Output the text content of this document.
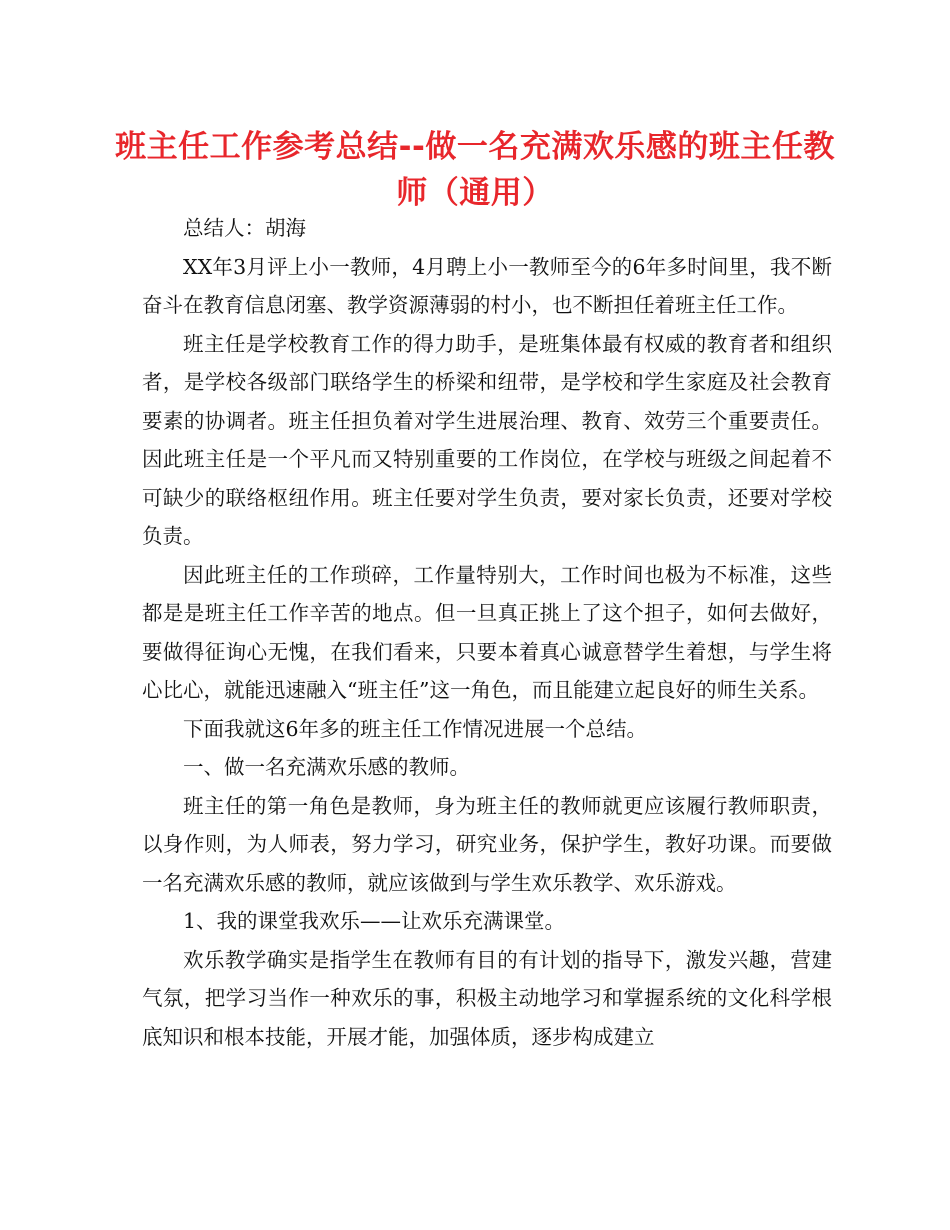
班主任工作参考总结--做一名充满欢乐感的班主任教师（通用）

总结人：胡海

XX年3月评上小一教师，4月聘上小一教师至今的6年多时间里，我不断奋斗在教育信息闭塞、教学资源薄弱的村小，也不断担任着班主任工作。

班主任是学校教育工作的得力助手，是班集体最有权威的教育者和组织者，是学校各级部门联络学生的桥梁和纽带，是学校和学生家庭及社会教育要素的协调者。班主任担负着对学生进展治理、教育、效劳三个重要责任。因此班主任是一个平凡而又特别重要的工作岗位，在学校与班级之间起着不可缺少的联络枢纽作用。班主任要对学生负责，要对家长负责，还要对学校负责。

因此班主任的工作琐碎，工作量特别大，工作时间也极为不标准，这些都是是班主任工作辛苦的地点。但一旦真正挑上了这个担子，如何去做好，要做得征询心无愧，在我们看来，只要本着真心诚意替学生着想，与学生将心比心，就能迅速融入“班主任”这一角色，而且能建立起良好的师生关系。

下面我就这6年多的班主任工作情况进展一个总结。

一、做一名充满欢乐感的教师。

班主任的第一角色是教师，身为班主任的教师就更应该履行教师职责，以身作则，为人师表，努力学习，研究业务，保护学生，教好功课。而要做一名充满欢乐感的教师，就应该做到与学生欢乐教学、欢乐游戏。

1、我的课堂我欢乐——让欢乐充满课堂。

欢乐教学确实是指学生在教师有目的有计划的指导下，激发兴趣，营建气氛，把学习当作一种欢乐的事，积极主动地学习和掌握系统的文化科学根底知识和根本技能，开展才能，加强体质，逐步构成建立
